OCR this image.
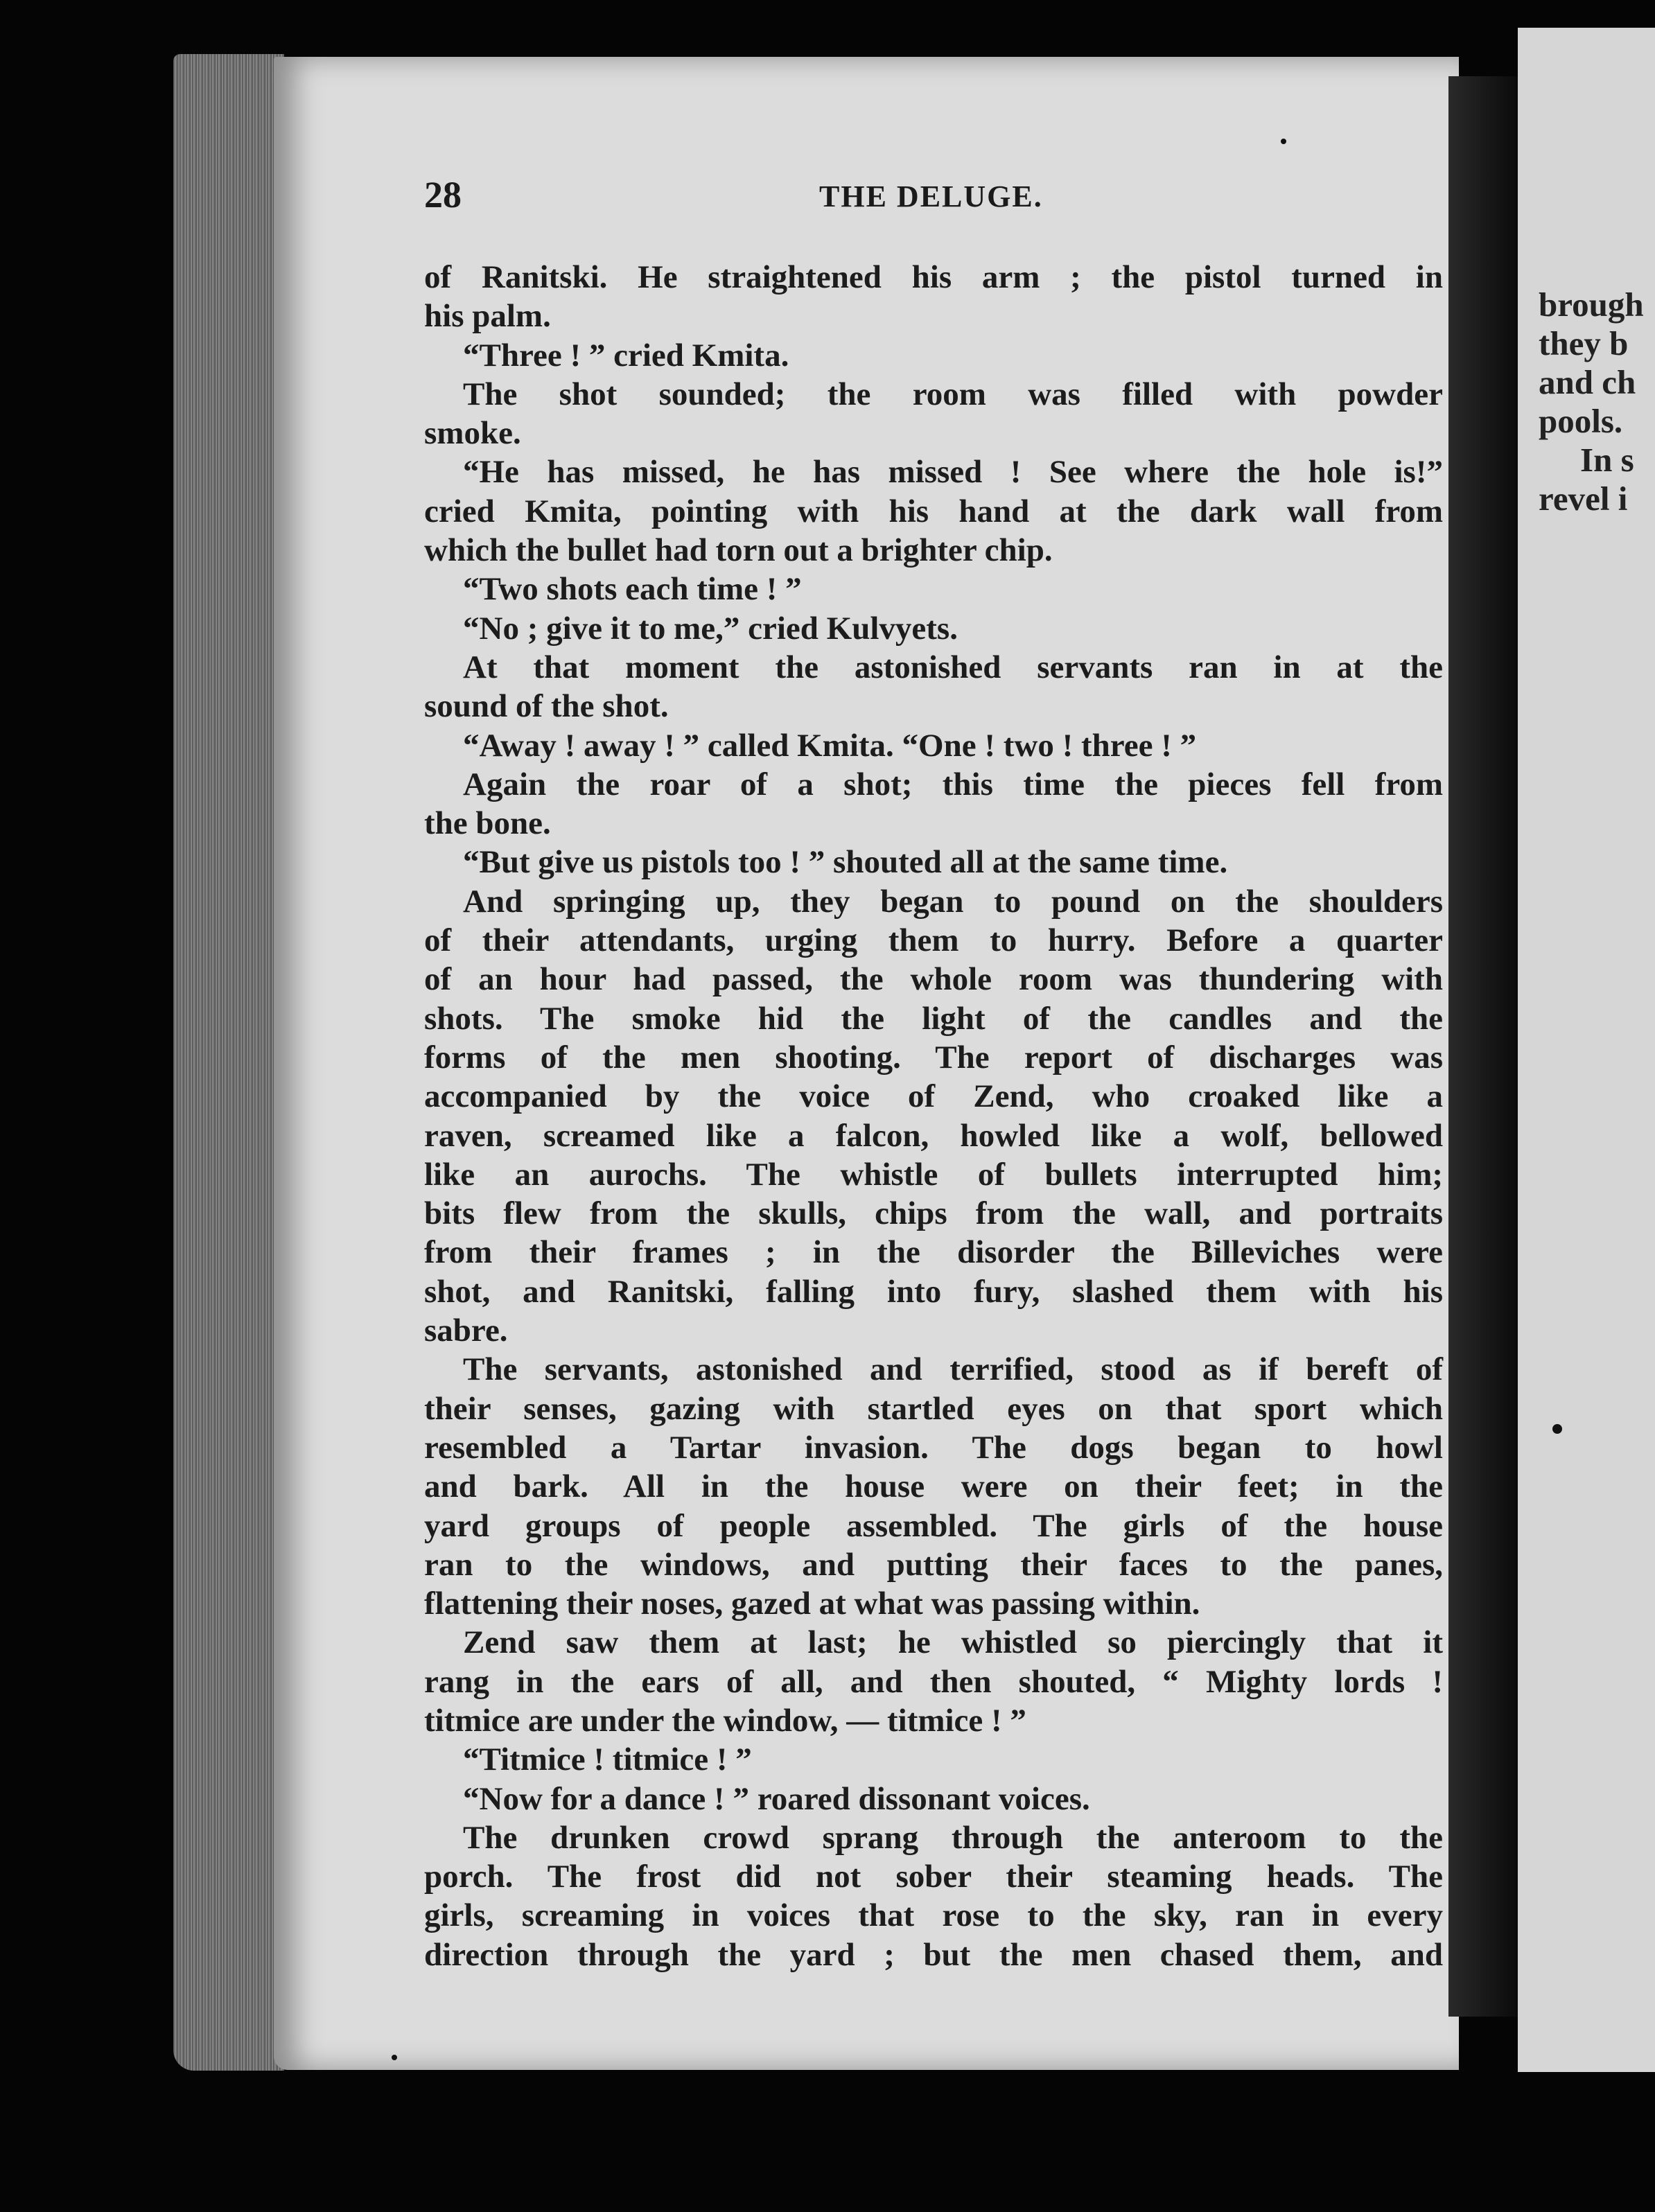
brough
they b
and ch
pools.
In s
revel i
28	THE DELUGE.
of Ranitski. He straightened his arm ; the pistol turned in
his palm.
“Three ! ” cried Kmita.
The shot sounded; the room was filled with powder
smoke.
“He has missed, he has missed ! See where the hole is!”
cried Kmita, pointing with his hand at the dark wall from
which the bullet had torn out a brighter chip.
“Two shots each time ! ”
“No ; give it to me,” cried Kulvyets.
At that moment the astonished servants ran in at the
sound of the shot.
“Away ! away ! ” called Kmita. “One ! two ! three ! ”
Again the roar of a shot; this time the pieces fell from
the bone.
“But give us pistols too ! ” shouted all at the same time.
And springing up, they began to pound on the shoulders
of their attendants, urging them to hurry. Before a quarter
of an hour had passed, the whole room was thundering with
shots. The smoke hid the light of the candles and the
forms of the men shooting. The report of discharges was
accompanied by the voice of Zend, who croaked like a
raven, screamed like a falcon, howled like a wolf, bellowed
like an aurochs. The whistle of bullets interrupted him;
bits flew from the skulls, chips from the wall, and portraits
from their frames ; in the disorder the Billeviches were
shot, and Ranitski, falling into fury, slashed them with his
sabre.
The servants, astonished and terrified, stood as if bereft of
their senses, gazing with startled eyes on that sport which
resembled a Tartar invasion. The dogs began to howl
and bark. All in the house were on their feet; in the
yard groups of people assembled. The girls of the house
ran to the windows, and putting their faces to the panes,
flattening their noses, gazed at what was passing within.
Zend saw them at last; he whistled so piercingly that it
rang in the ears of all, and then shouted, “ Mighty lords !
titmice are under the window, — titmice ! ”
“Titmice ! titmice ! ”
“Now for a dance ! ” roared dissonant voices.
The drunken crowd sprang through the anteroom to the
porch. The frost did not sober their steaming heads. The
girls, screaming in voices that rose to the sky, ran in every
direction through the yard ; but the men chased them, and
